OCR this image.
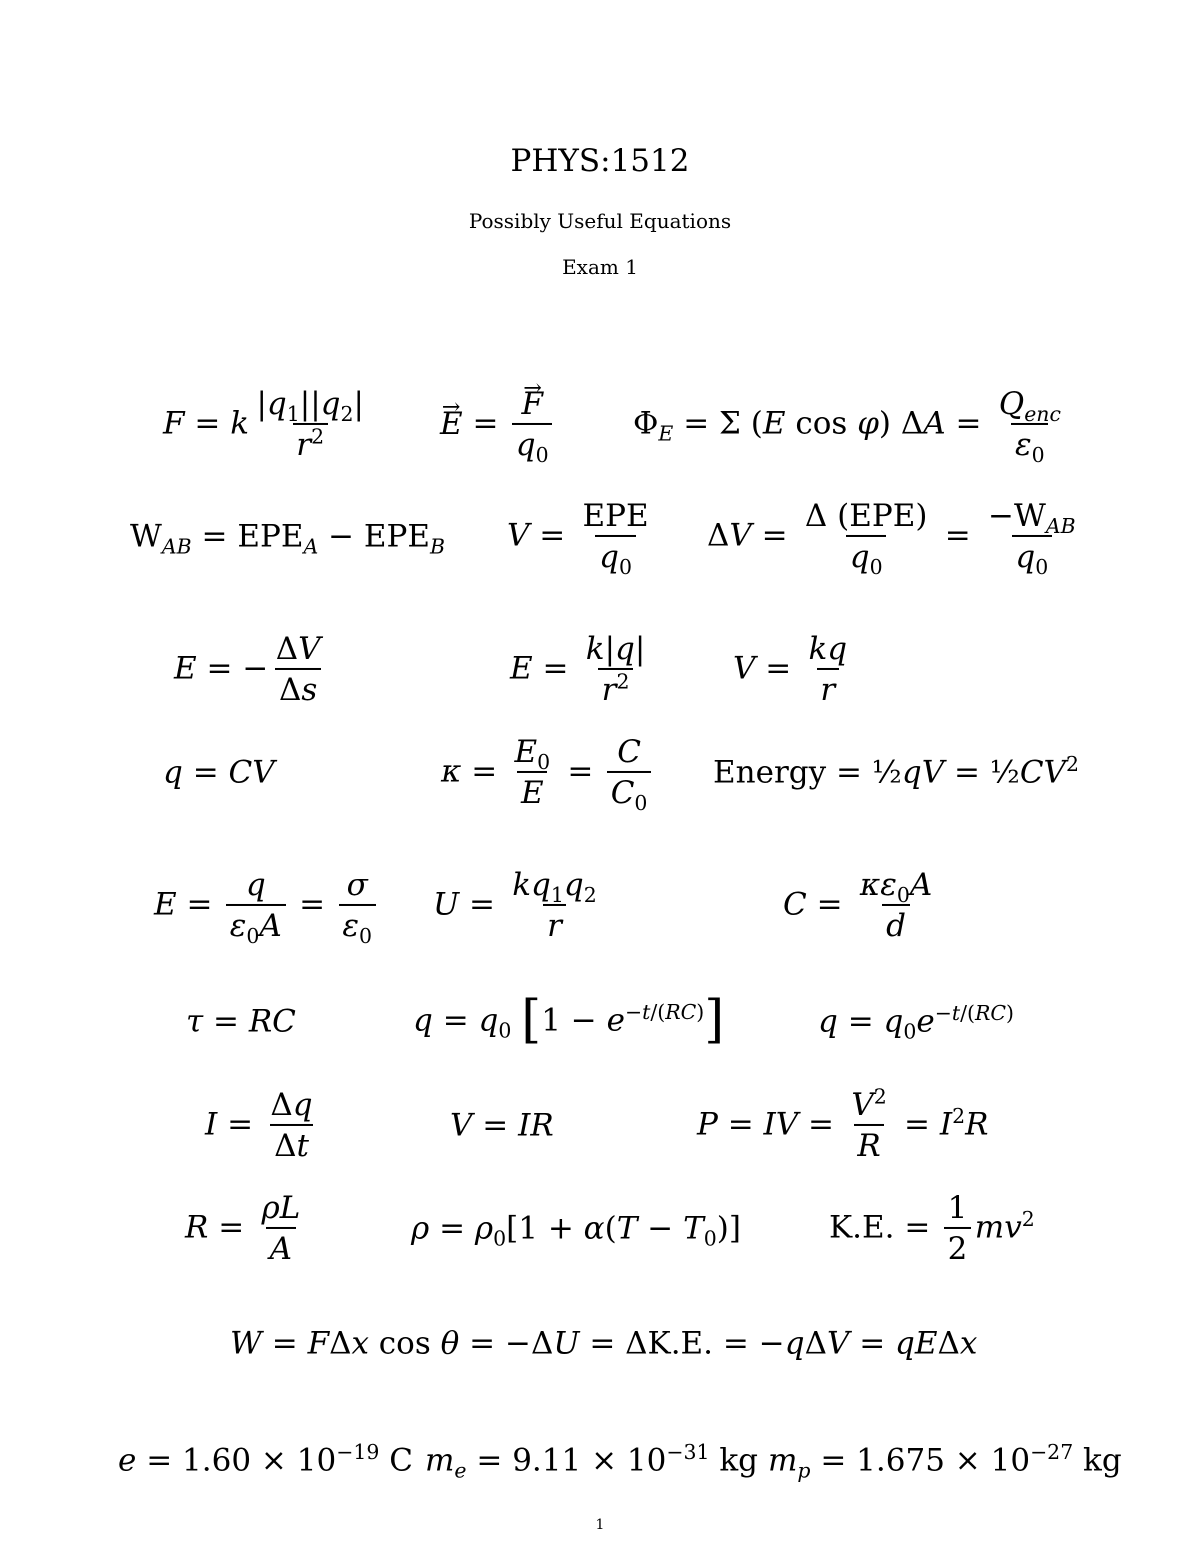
PHYS:1512
Possibly Useful Equations
Exam 1
F = k $\frac{|q_1||q_2|}{r^2}$
→ E =
→ $\frac{F}{q_0}$	$\Phi_E = \Sigma$ (E cos φ) $\Delta A = \frac{Q_{enc}}{\varepsilon_0}$
$W_{AB} = EPE_A - EPE_B$ $V = \frac{\text{EPE}}{q_0}$ $\Delta V = \frac{\text{Δ (EPE)}}{q_0} = \frac{-W_{AB}}{q_0}$
E = − $\frac{\Delta V}{\Delta s}$	$E = \frac{k|q|}{r^2}$	$V = \frac{kq}{r}$
q = CV	$\kappa = \frac{E_0}{E} = \frac{C}{C_0}$ Energy = ½qV = $\frac{1}{2}CV^2$
$E = \frac{q}{\varepsilon_0A} = \frac{\sigma}{\varepsilon_0}$ $U = \frac{kq_1q_2}{r}$	$C = \frac{\kappa\varepsilon_0A}{d}$
τ = RC	$q = q_0$ $[1 - e^{-t/(RC)}]$	$q = q_0e^{-t/(RC)}$
$I = \frac{\Delta q}{\Delta t}$	V = IR	P = IV = $\frac{V^2}{R} = I^2R$
$R = \frac{\rho L}{A}$	$\rho = \rho_0[1 + \alpha(T - T_0)]$	K.E. = $\frac{1}{2} mv^2$
W = FΔx cos θ = −ΔU = ΔK.E. = −qΔV = qEΔx
$e = 1.60 \times 10^{-19}$ C $m_e = 9.11 \times 10^{-31}$ kg $m_p = 1.675 \times 10^{-27}$ kg
1
